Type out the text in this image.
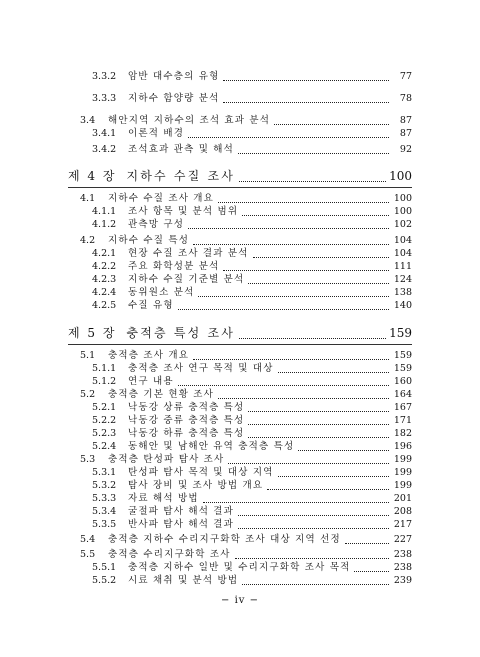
3.3.2	암반 대수층의 유형	77
3.3.3	지하수 함양량 분석	78
3.4	해안지역 지하수의 조석 효과 분석	87
3.4.1	이론적 배경	87
3.4.2	조석효과 관측 및 해석	92
제 4 장 지하수 수질 조사	100
4.1	지하수 수질 조사 개요	100
4.1.1	조사 항목 및 분석 범위	100
4.1.2	관측망 구성	102
4.2	지하수 수질 특성	104
4.2.1	현장 수질 조사 결과 분석	104
4.2.2	주요 화학성분 분석	111
4.2.3	지하수 수질 기준별 분석	124
4.2.4	동위원소 분석	138
4.2.5	수질 유형	140
제 5 장 충적층 특성 조사	159
5.1	충적층 조사 개요	159
5.1.1	충적층 조사 연구 목적 및 대상	159
5.1.2	연구 내용	160
5.2	충적층 기본 현황 조사	164
5.2.1	낙동강 상류 충적층 특성	167
5.2.2	낙동강 중류 충적층 특성	171
5.2.3	낙동강 하류 충적층 특성	182
5.2.4	동해안 및 남해안 유역 충적층 특성	196
5.3	충적층 탄성파 탐사 조사	199
5.3.1	탄성파 탐사 목적 및 대상 지역	199
5.3.2	탐사 장비 및 조사 방법 개요	199
5.3.3	자료 해석 방법	201
5.3.4	굴절파 탐사 해석 결과	208
5.3.5	반사파 탐사 해석 결과	217
5.4	충적층 지하수 수리지구화학 조사 대상 지역 선정	227
5.5	충적층 수리지구화학 조사	238
5.5.1	충적층 지하수 일반 및 수리지구화학 조사 목적	238
5.5.2	시료 채취 및 분석 방법	239
− iv −
